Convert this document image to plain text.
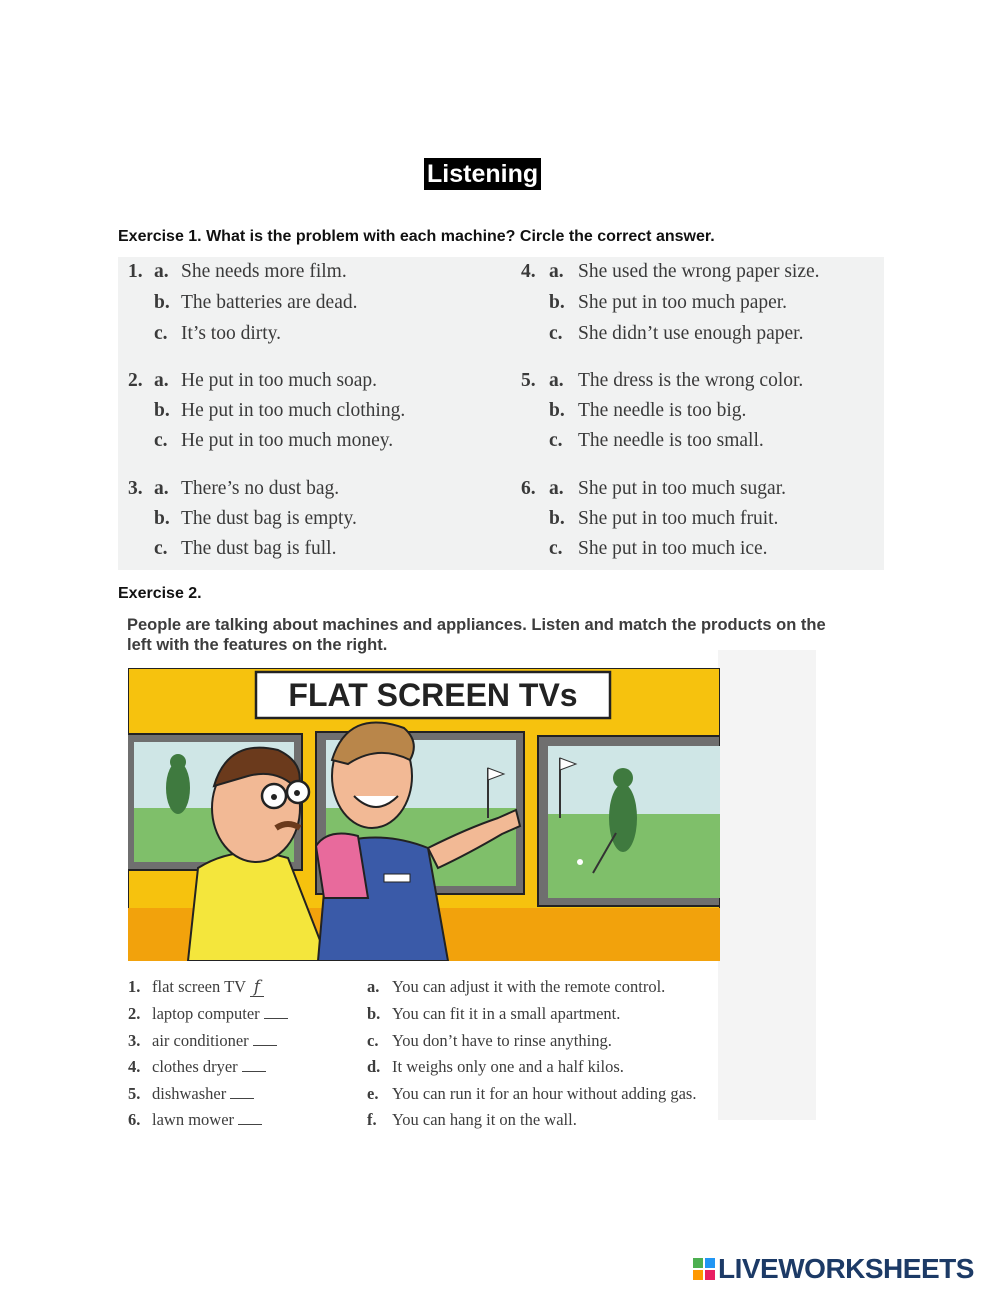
Listening
Exercise 1. What is the problem with each machine? Circle the correct answer.
1. a. She needs more film.
b. The batteries are dead.
c. It’s too dirty.
2. a. He put in too much soap.
b. He put in too much clothing.
c. He put in too much money.
3. a. There’s no dust bag.
b. The dust bag is empty.
c. The dust bag is full.
4. a. She used the wrong paper size.
b. She put in too much paper.
c. She didn’t use enough paper.
5. a. The dress is the wrong color.
b. The needle is too big.
c. The needle is too small.
6. a. She put in too much sugar.
b. She put in too much fruit.
c. She put in too much ice.
Exercise 2.
People are talking about machines and appliances. Listen and match the products on the left with the features on the right.
FLAT SCREEN TVs
1. flat screen TV f
2. laptop computer
3. air conditioner
4. clothes dryer
5. dishwasher
6. lawn mower
a. You can adjust it with the remote control.
b. You can fit it in a small apartment.
c. You don’t have to rinse anything.
d. It weighs only one and a half kilos.
e. You can run it for an hour without adding gas.
f. You can hang it on the wall.
LIVEWORKSHEETS
